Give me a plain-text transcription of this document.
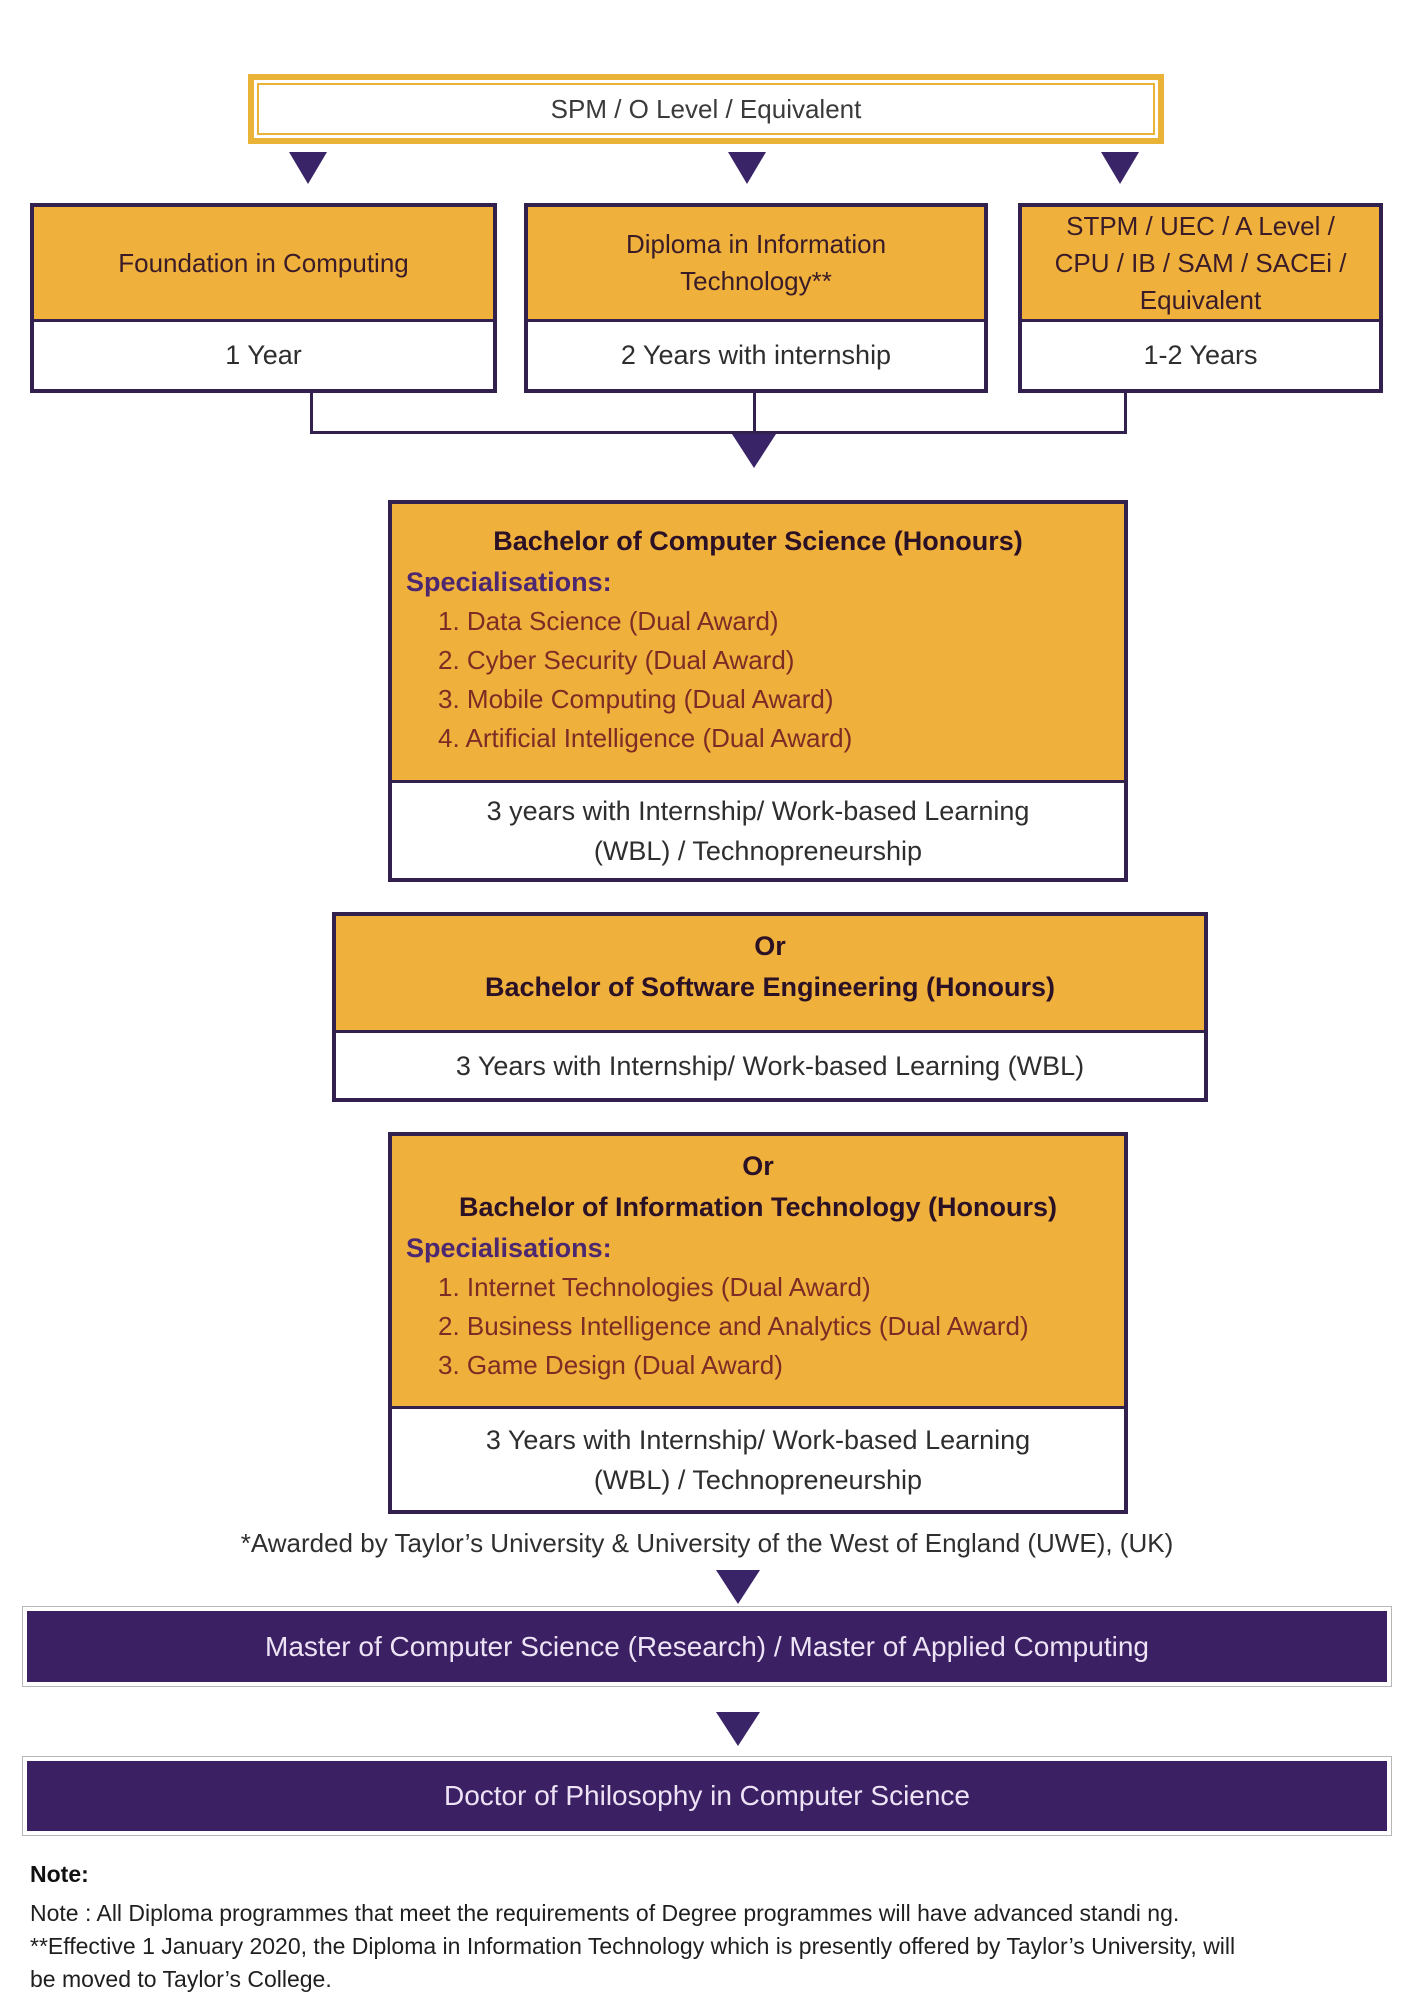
SPM / O Level / Equivalent
Foundation in Computing
1 Year
Diploma in Information
Technology**
2 Years with internship
STPM / UEC / A Level /
CPU / IB / SAM / SACEi /
Equivalent
1-2 Years
Bachelor of Computer Science (Honours)
Specialisations:
1. Data Science (Dual Award)
2. Cyber Security (Dual Award)
3. Mobile Computing (Dual Award)
4. Artificial Intelligence (Dual Award)
3 years with Internship/ Work-based Learning
(WBL) / Technopreneurship
Or
Bachelor of Software Engineering (Honours)
3 Years with Internship/ Work-based Learning (WBL)
Or
Bachelor of Information Technology (Honours)
Specialisations:
1. Internet Technologies (Dual Award)
2. Business Intelligence and Analytics (Dual Award)
3. Game Design (Dual Award)
3 Years with Internship/ Work-based Learning
(WBL) / Technopreneurship
*Awarded by Taylor’s University & University of the West of England (UWE), (UK)
Master of Computer Science (Research) / Master of Applied Computing
Doctor of Philosophy in Computer Science
Note:
Note : All Diploma programmes that meet the requirements of Degree programmes will have advanced standi ng.
**Effective 1 January 2020, the Diploma in Information Technology which is presently offered by Taylor’s University, will
be moved to Taylor’s College.
